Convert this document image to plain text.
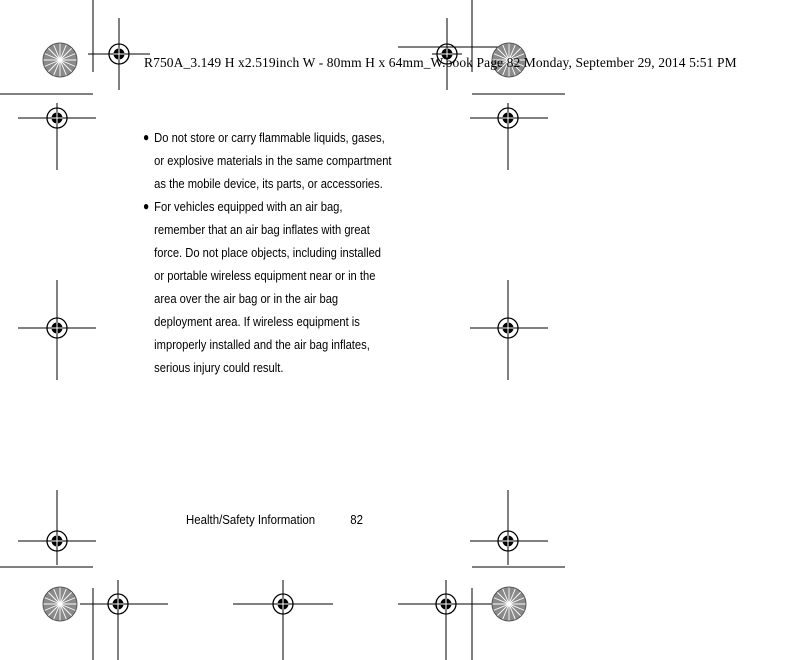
R750A_3.149 H x2.519inch W - 80mm H x 64mm_W.book Page 82 Monday, September 29, 2014 5:51 PM

● Do not store or carry flammable liquids, gases, or explosive materials in the same compartment as the mobile device, its parts, or accessories.

● For vehicles equipped with an air bag, remember that an air bag inflates with great force. Do not place objects, including installed or portable wireless equipment near or in the area over the air bag or in the air bag deployment area. If wireless equipment is improperly installed and the air bag inflates, serious injury could result.

Health/Safety Information	82
